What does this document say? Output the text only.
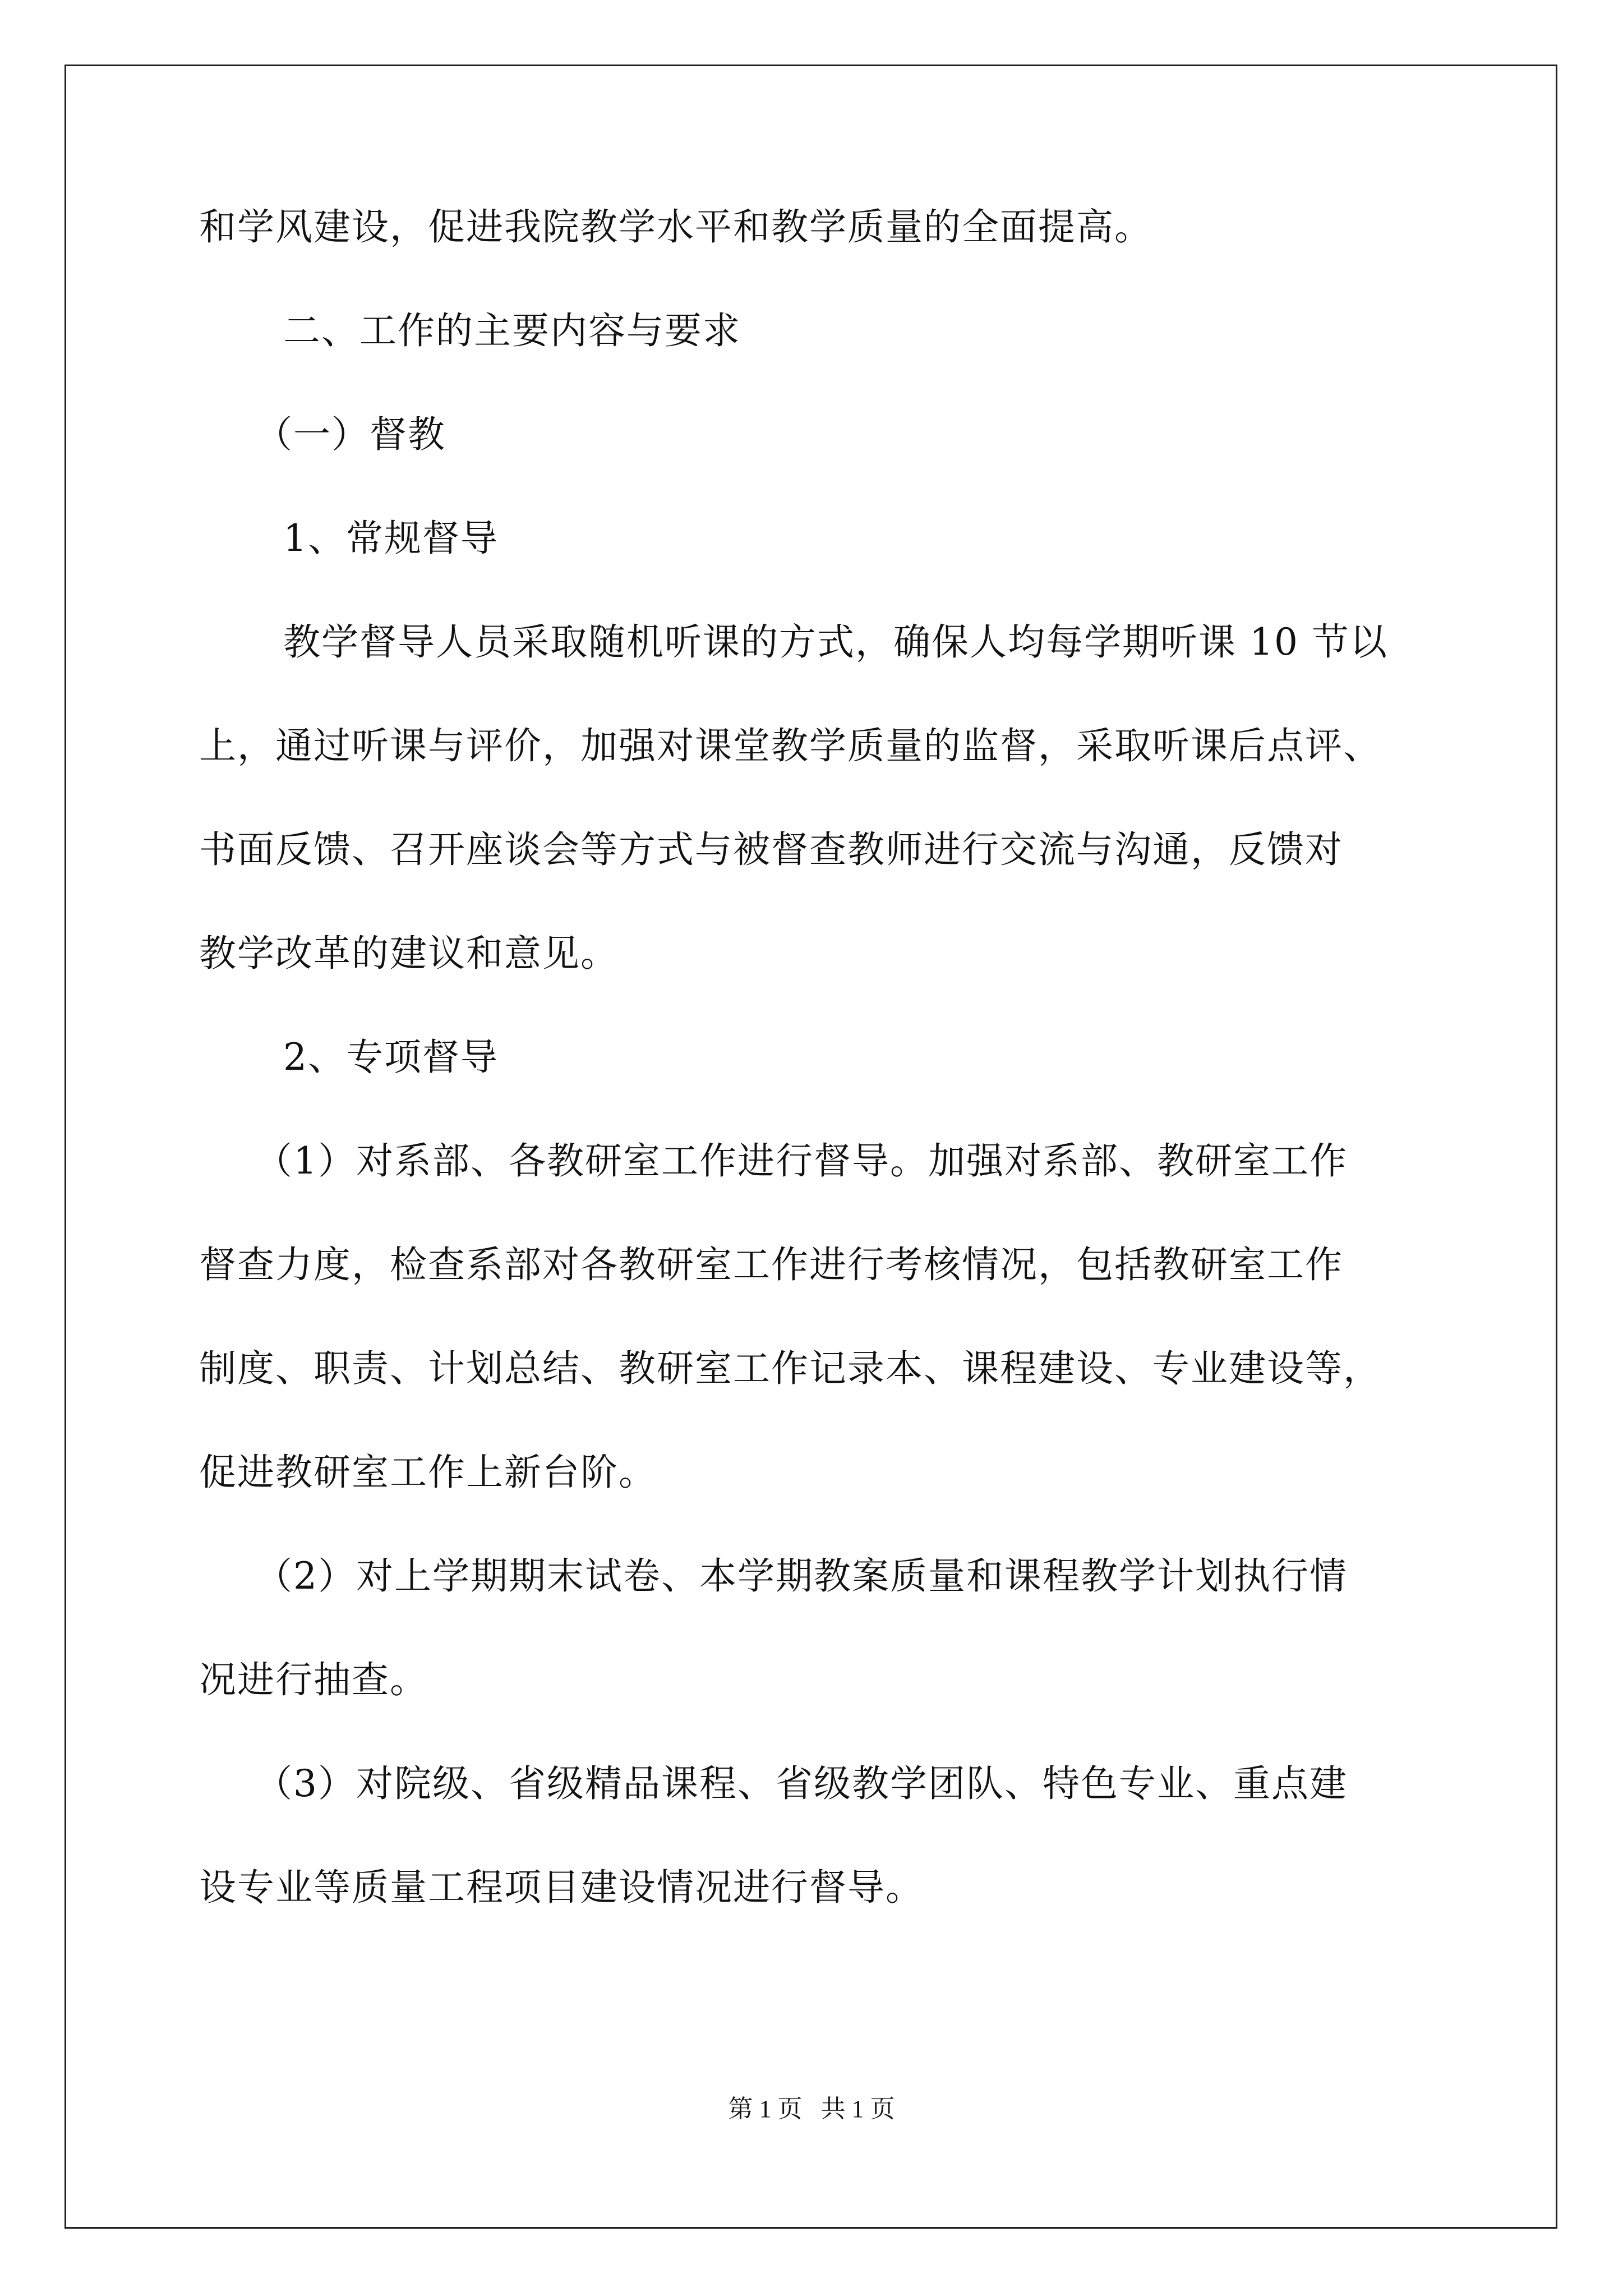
和学风建设，促进我院教学水平和教学质量的全面提高。
二、工作的主要内容与要求
（一）督教
1、常规督导
教学督导人员采取随机听课的方式，确保人均每学期听课 10 节以
上，通过听课与评价，加强对课堂教学质量的监督，采取听课后点评、
书面反馈、召开座谈会等方式与被督查教师进行交流与沟通，反馈对
教学改革的建议和意见。
2、专项督导
（1）对系部、各教研室工作进行督导。加强对系部、教研室工作
督查力度，检查系部对各教研室工作进行考核情况，包括教研室工作
制度、职责、计划总结、教研室工作记录本、课程建设、专业建设等，
促进教研室工作上新台阶。
（2）对上学期期末试卷、本学期教案质量和课程教学计划执行情
况进行抽查。
（3）对院级、省级精品课程、省级教学团队、特色专业、重点建
设专业等质量工程项目建设情况进行督导。
第 1 页   共 1 页
